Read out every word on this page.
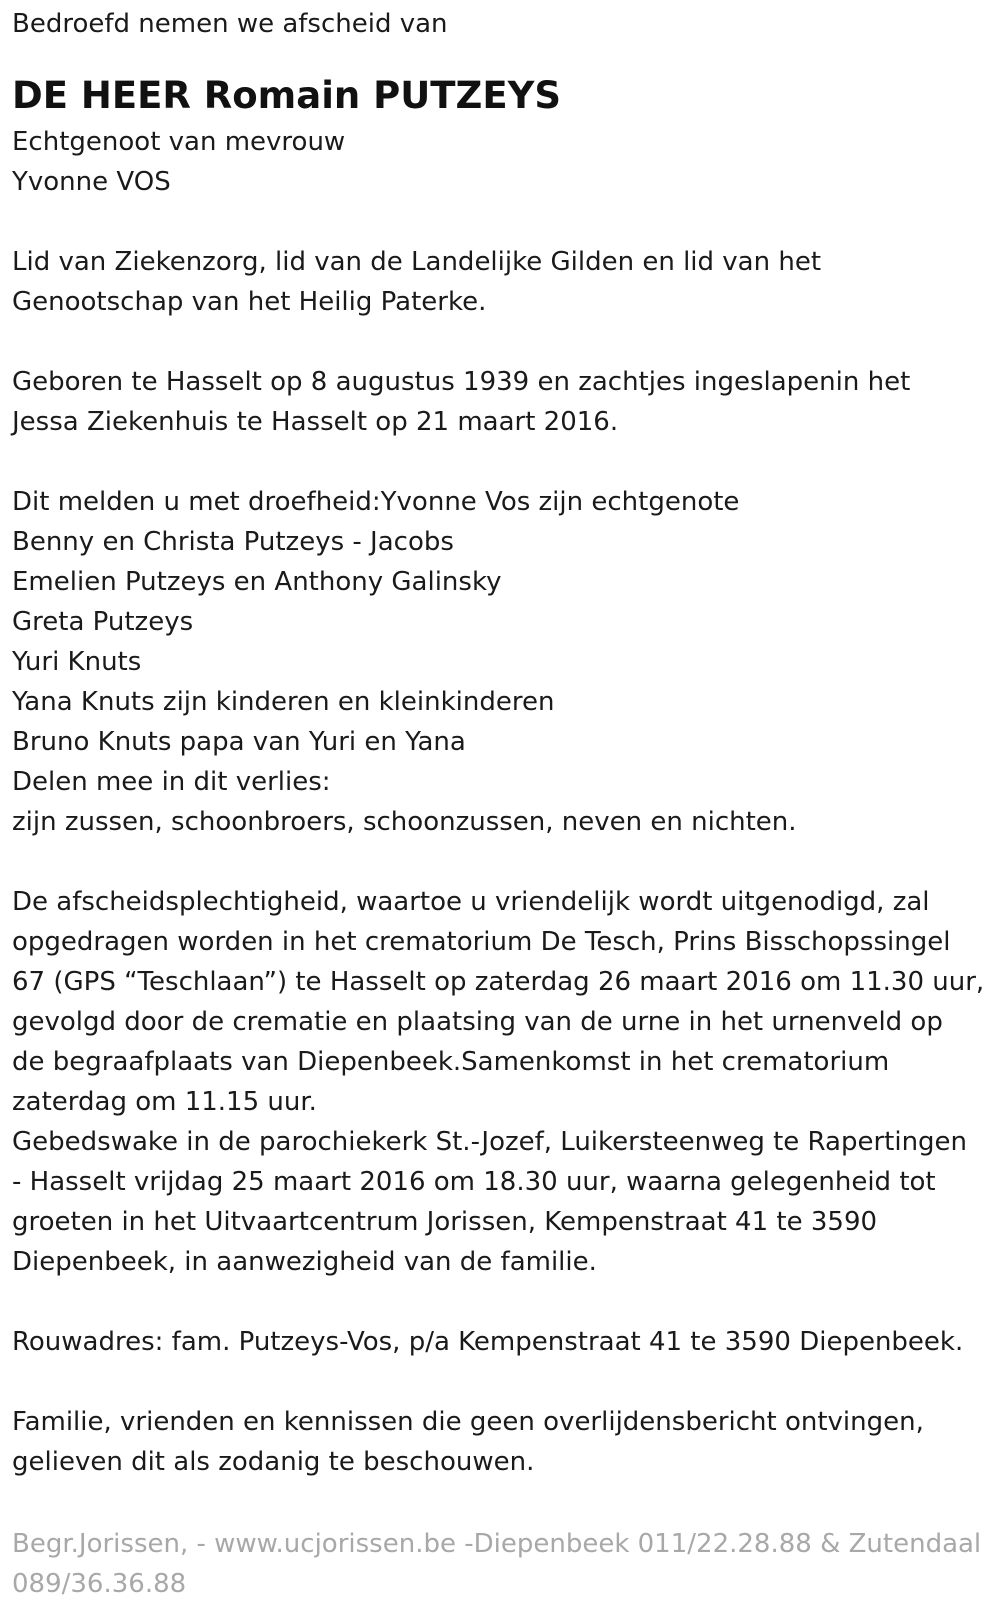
Bedroefd nemen we afscheid van

DE HEER Romain PUTZEYS

Echtgenoot van mevrouw

Yvonne VOS

Lid van Ziekenzorg, lid van de Landelijke Gilden en lid van het

Genootschap van het Heilig Paterke.

Geboren te Hasselt op 8 augustus 1939 en zachtjes ingeslapenin het

Jessa Ziekenhuis te Hasselt op 21 maart 2016.

Dit melden u met droefheid:Yvonne Vos zijn echtgenote

Benny en Christa Putzeys - Jacobs

Emelien Putzeys en Anthony Galinsky

Greta Putzeys

Yuri Knuts

Yana Knuts zijn kinderen en kleinkinderen

Bruno Knuts papa van Yuri en Yana

Delen mee in dit verlies:

zijn zussen, schoonbroers, schoonzussen, neven en nichten.

De afscheidsplechtigheid, waartoe u vriendelijk wordt uitgenodigd, zal

opgedragen worden in het crematorium De Tesch, Prins Bisschopssingel

67 (GPS “Teschlaan”) te Hasselt op zaterdag 26 maart 2016 om 11.30 uur,

gevolgd door de crematie en plaatsing van de urne in het urnenveld op

de begraafplaats van Diepenbeek.Samenkomst in het crematorium

zaterdag om 11.15 uur.

Gebedswake in de parochiekerk St.-Jozef, Luikersteenweg te Rapertingen

- Hasselt vrijdag 25 maart 2016 om 18.30 uur, waarna gelegenheid tot

groeten in het Uitvaartcentrum Jorissen, Kempenstraat 41 te 3590

Diepenbeek, in aanwezigheid van de familie.

Rouwadres: fam. Putzeys-Vos, p/a Kempenstraat 41 te 3590 Diepenbeek.

Familie, vrienden en kennissen die geen overlijdensbericht ontvingen,

gelieven dit als zodanig te beschouwen.

Begr.Jorissen, - www.ucjorissen.be -Diepenbeek 011/22.28.88 & Zutendaal

089/36.36.88
